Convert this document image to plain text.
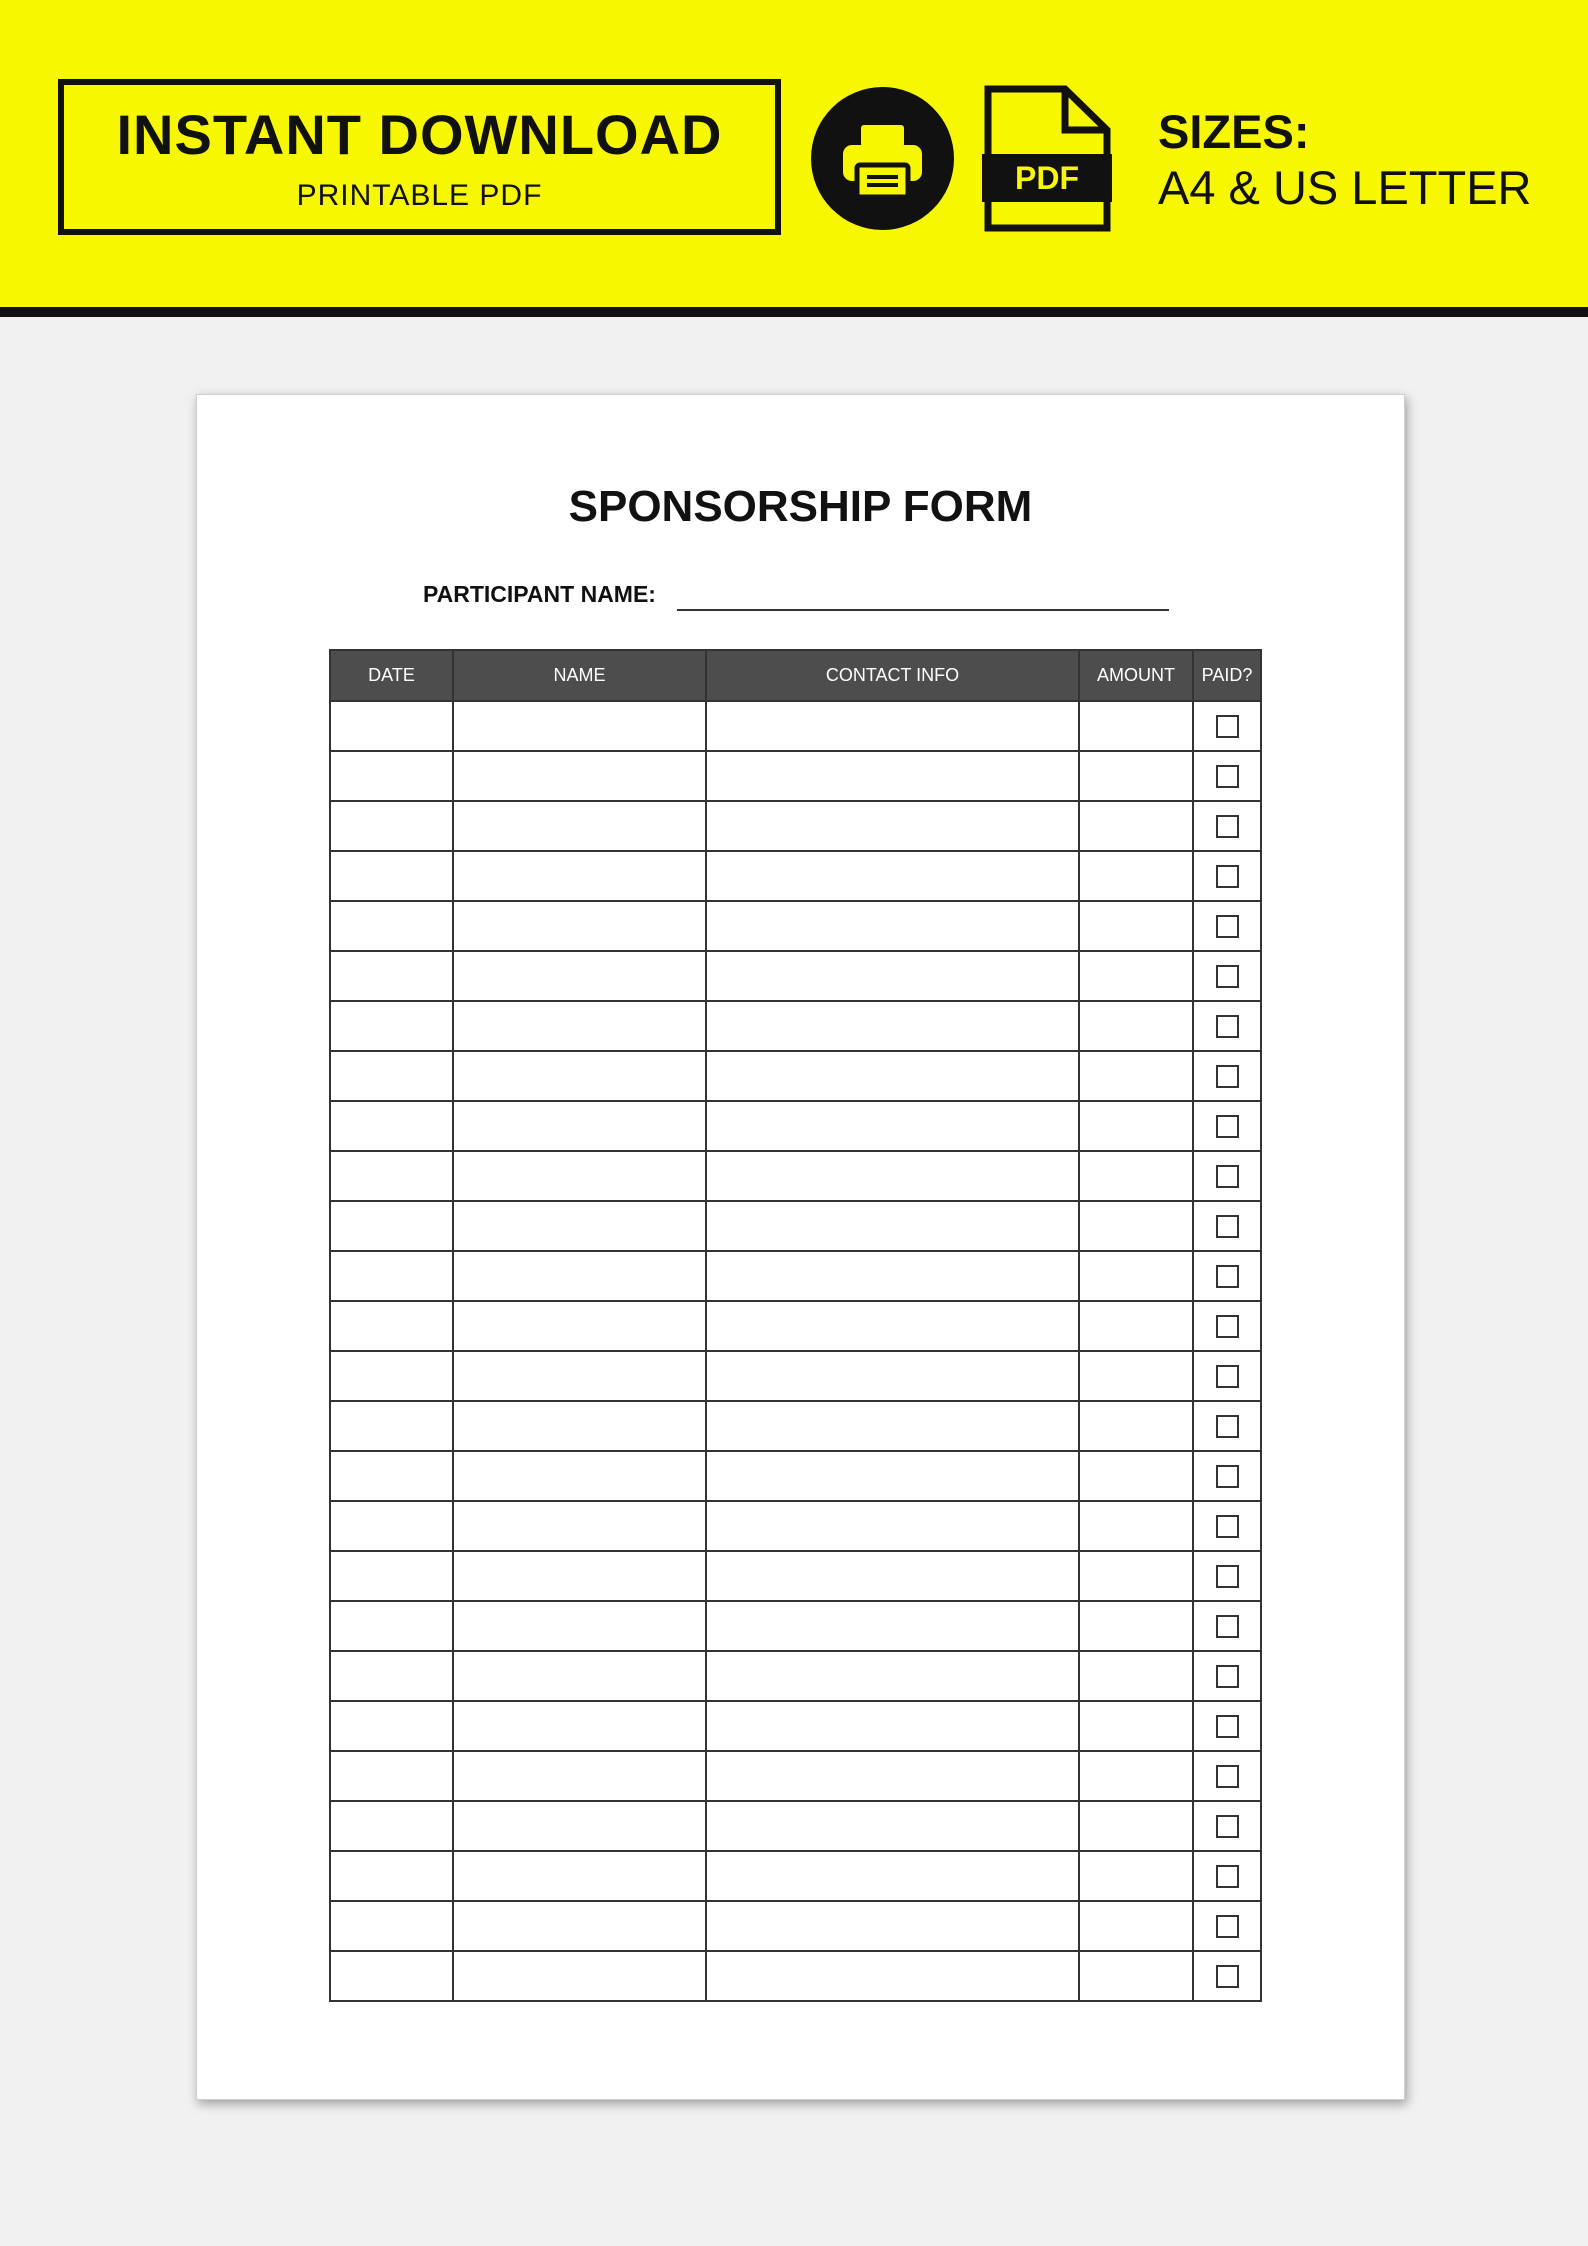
INSTANT DOWNLOAD
PRINTABLE PDF	PDF
SIZES:
A4 & US LETTER
SPONSORSHIP FORM
PARTICIPANT NAME:
DATE	NAME	CONTACT INFO	AMOUNT	PAID?
